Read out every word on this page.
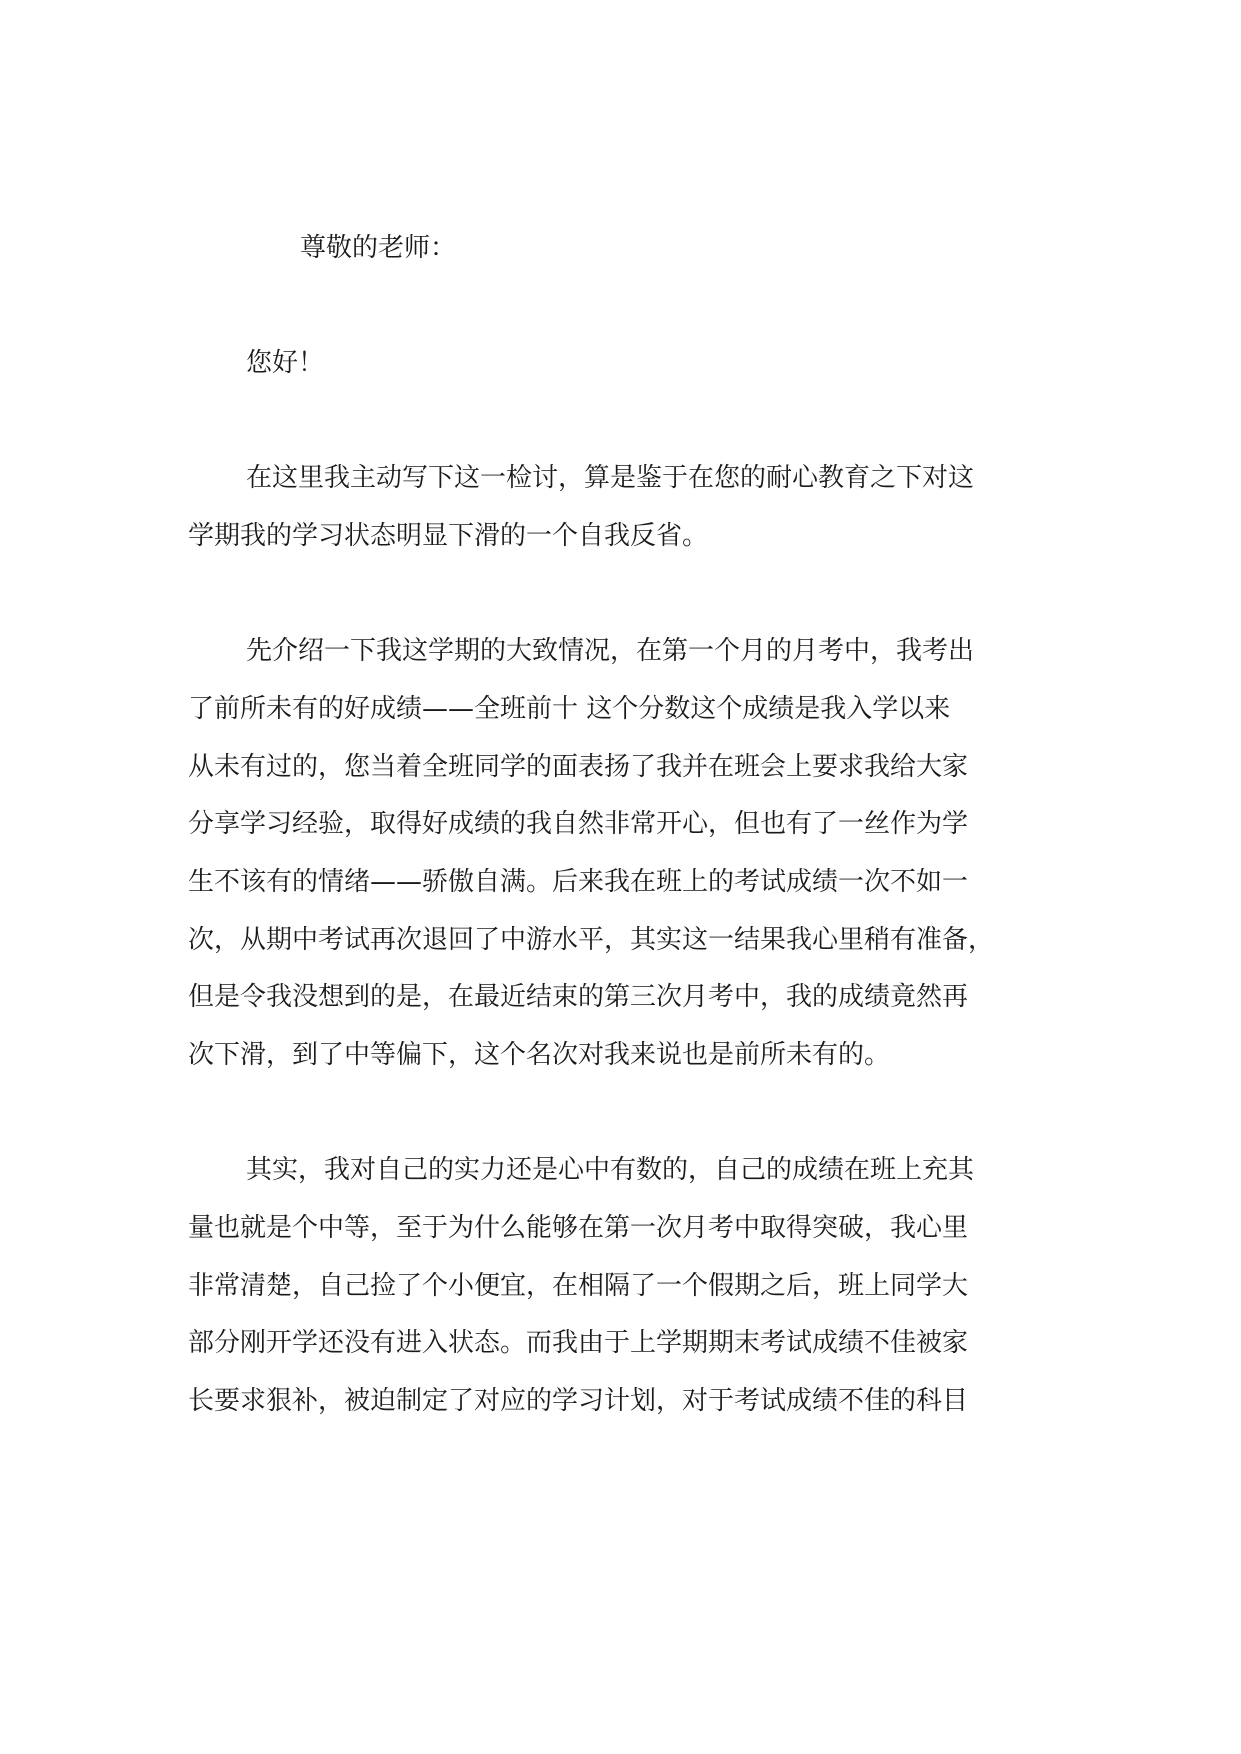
尊敬的老师：
您好！
在这里我主动写下这一检讨，算是鉴于在您的耐心教育之下对这
学期我的学习状态明显下滑的一个自我反省。
先介绍一下我这学期的大致情况，在第一个月的月考中，我考出
了前所未有的好成绩——全班前十 这个分数这个成绩是我入学以来
从未有过的，您当着全班同学的面表扬了我并在班会上要求我给大家
分享学习经验，取得好成绩的我自然非常开心，但也有了一丝作为学
生不该有的情绪——骄傲自满。后来我在班上的考试成绩一次不如一
次，从期中考试再次退回了中游水平，其实这一结果我心里稍有准备，
但是令我没想到的是，在最近结束的第三次月考中，我的成绩竟然再
次下滑，到了中等偏下，这个名次对我来说也是前所未有的。
其实，我对自己的实力还是心中有数的，自己的成绩在班上充其
量也就是个中等，至于为什么能够在第一次月考中取得突破，我心里
非常清楚，自己捡了个小便宜，在相隔了一个假期之后，班上同学大
部分刚开学还没有进入状态。而我由于上学期期末考试成绩不佳被家
长要求狠补，被迫制定了对应的学习计划，对于考试成绩不佳的科目
